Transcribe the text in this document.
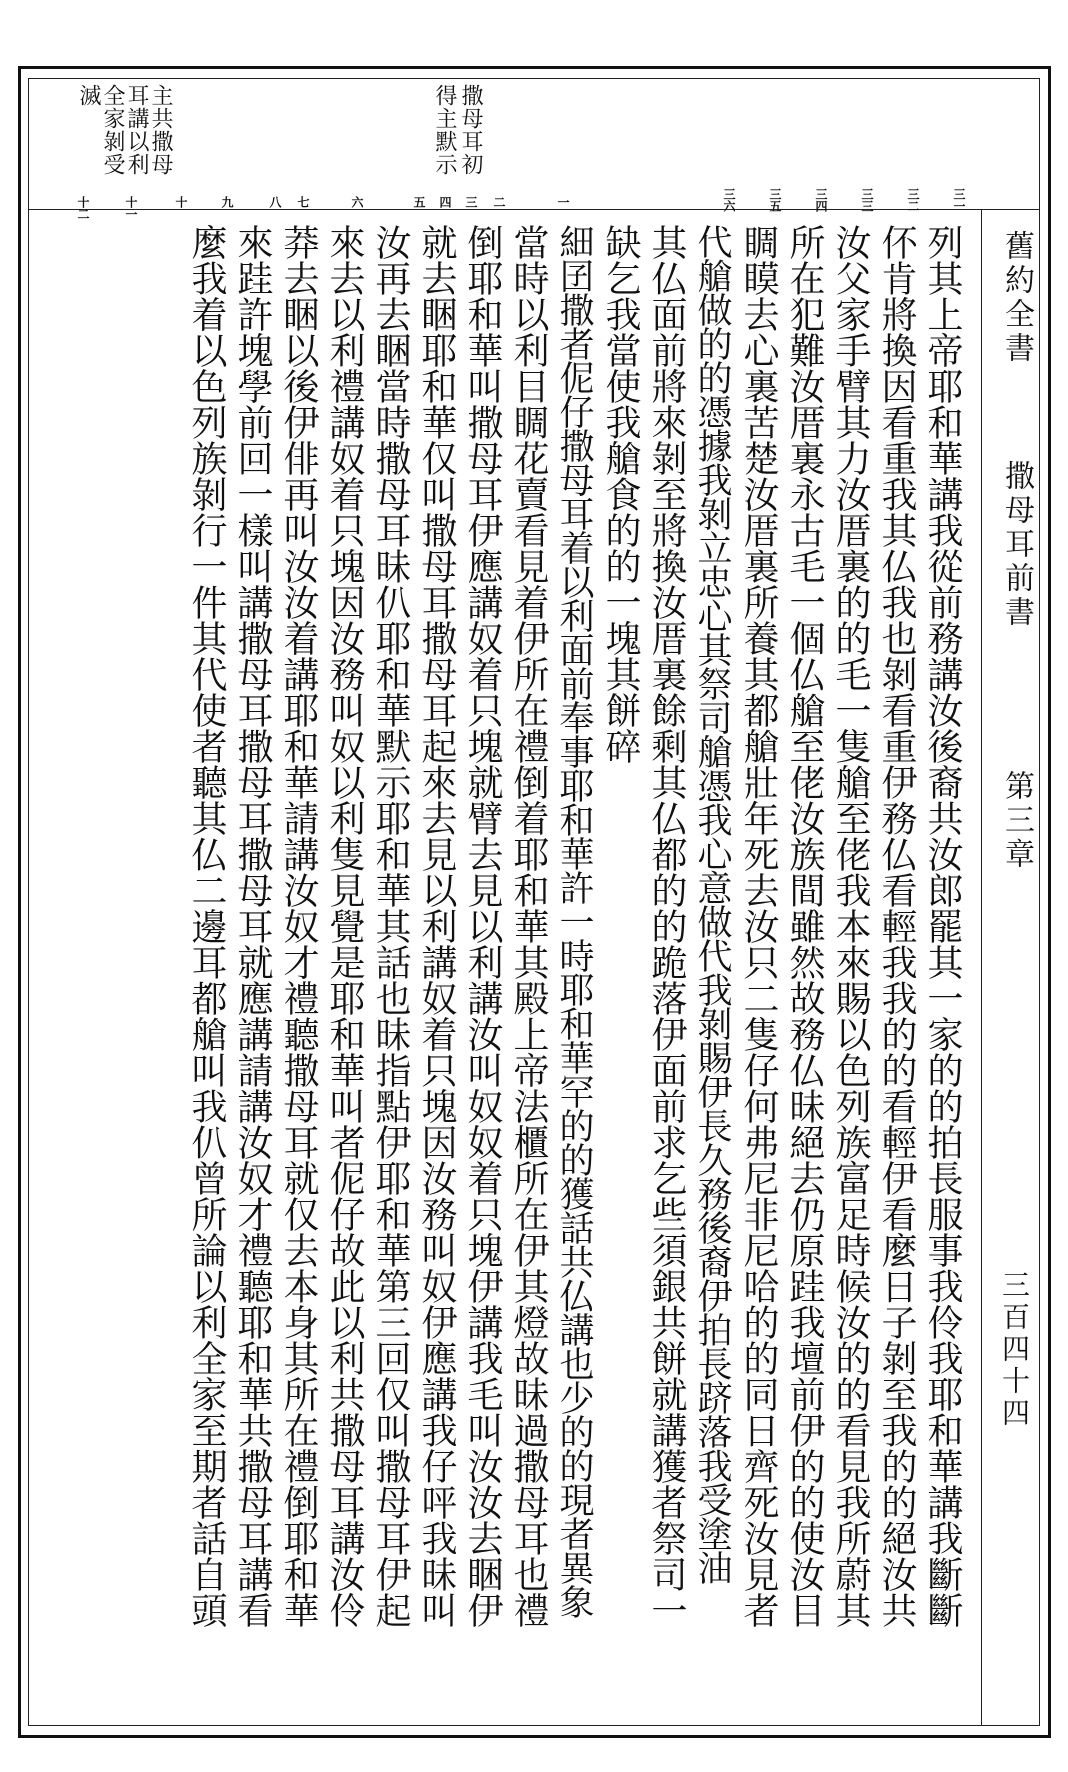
撒母耳初
得主默示
主共撒母
耳講以利
全家剝受
滅
舊約全書
撒母耳前書
第三章
三百四十四
三一
三二
三三
三四
三五
三六
一
二
三
四
五
六
七
八
九
十
十一
十二
列其上帝耶和華講我從前務講汝後裔共汝郎罷其一家的的拍長服事我伶我耶和華講我斷斷
伓肯將換因看重我其仏我也剝看重伊務仏看輕我我的的看輕伊看麼日子剝至我的的絕汝共
汝父家手臂其力汝厝裏的的毛一隻艙至佬我本來賜以色列族富足時候汝的的看見我所蔚其
所在犯難汝厝裏永古毛一個仏艙至佬汝族間雖然故務仏昧絕去仍原跬我壇前伊的的使汝目
睭瞙去心裏苦楚汝厝裏所養其都艙壯年死去汝只二隻仔何弗尼非尼哈的的同日齊死汝見者
代艙做的的憑據我剝立忠心其祭司艙憑我心意做代我剝賜伊長久務後裔伊拍長跻落我受塗油
其仏面前將來剝至將換汝厝裏餘剩其仏都的的跪落伊面前求乞些須銀共餅就講獲者祭司一
缺乞我當使我艙食的的一塊其餅碎
細囝撒者伲仔撒母耳着以利面前奉事耶和華許一時耶和華罕的的獲話共仏講也少的的現者異象
當時以利目睭花賣看見着伊所在禮倒着耶和華其殿上帝法櫃所在伊其燈故昧過撒母耳也禮
倒耶和華叫撒母耳伊應講奴着只塊就臂去見以利講汝叫奴奴着只塊伊講我毛叫汝汝去睏伊
就去睏耶和華仅叫撒母耳撒母耳起來去見以利講奴着只塊因汝務叫奴伊應講我仔呯我昧叫
汝再去睏當時撒母耳昧仈耶和華默示耶和華其話也昧指點伊耶和華第三回仅叫撒母耳伊起
來去以利禮講奴着只塊因汝務叫奴以利隻見覺是耶和華叫者伲仔故此以利共撒母耳講汝伶
莽去睏以後伊俳再叫汝汝着講耶和華請講汝奴才禮聽撒母耳就仅去本身其所在禮倒耶和華
來跬許塊學前回一樣叫講撒母耳撒母耳撒母耳就應講請講汝奴才禮聽耶和華共撒母耳講看
麼我着以色列族剝行一件其代使者聽其仏二邊耳都艙叫我仈曾所論以利全家至期者話自頭
